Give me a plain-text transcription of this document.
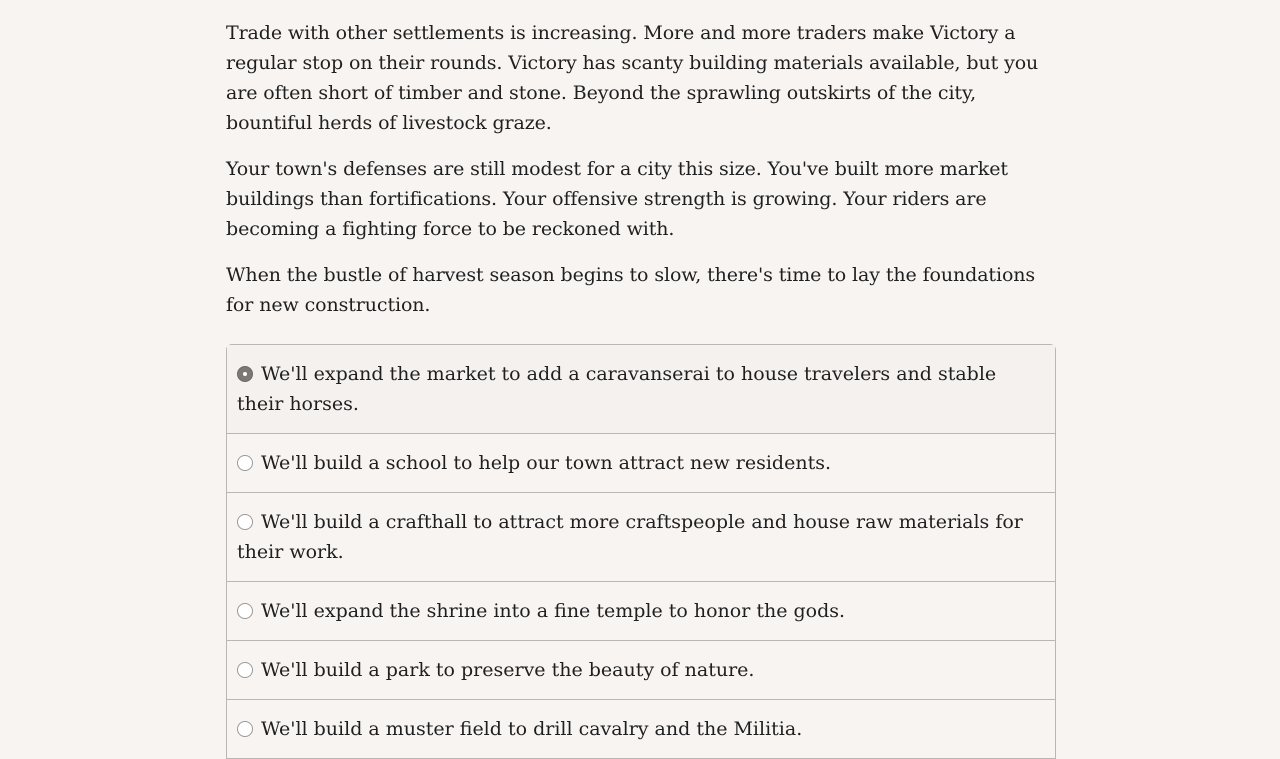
Trade with other settlements is increasing. More and more traders make Victory a regular stop on their rounds. Victory has scanty building materials available, but you are often short of timber and stone. Beyond the sprawling outskirts of the city, bountiful herds of livestock graze.

Your town's defenses are still modest for a city this size. You've built more market buildings than fortifications. Your offensive strength is growing. Your riders are becoming a fighting force to be reckoned with.

When the bustle of harvest season begins to slow, there's time to lay the foundations for new construction.

We'll expand the market to add a caravanserai to house travelers and stable their horses.
We'll build a school to help our town attract new residents.
We'll build a crafthall to attract more craftspeople and house raw materials for their work.
We'll expand the shrine into a fine temple to honor the gods.
We'll build a park to preserve the beauty of nature.
We'll build a muster field to drill cavalry and the Militia.
